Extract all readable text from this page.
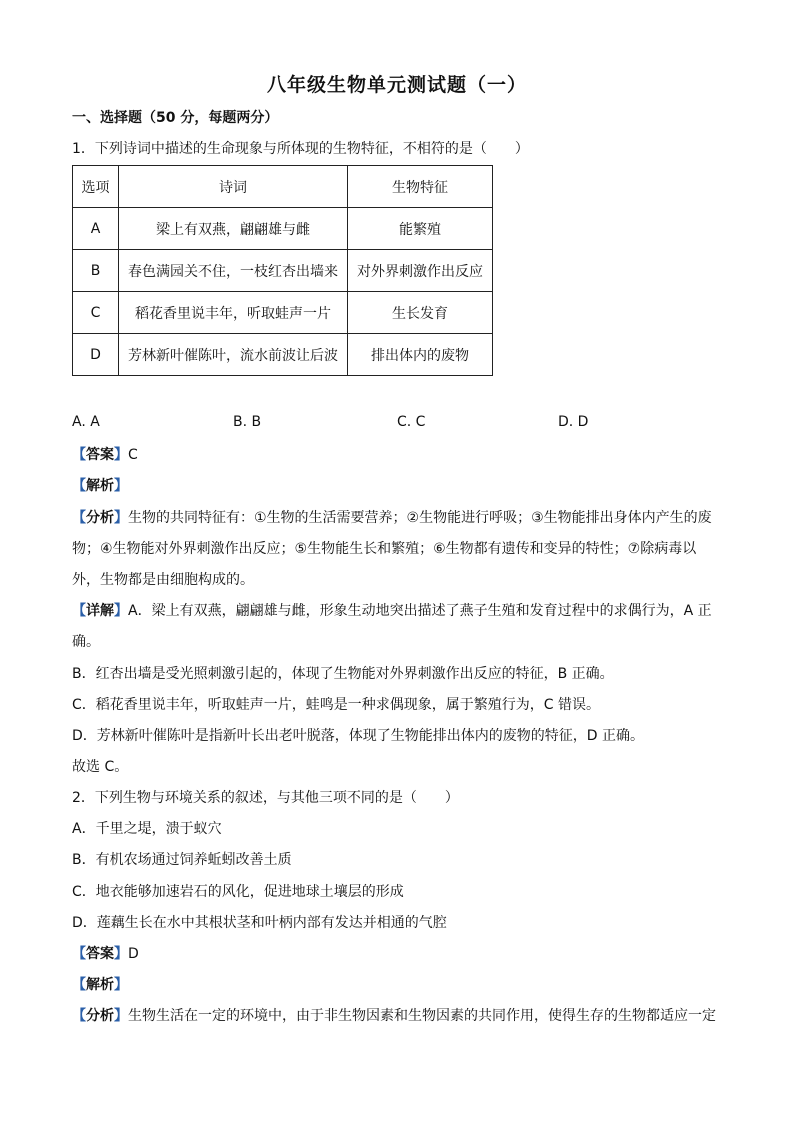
八年级生物单元测试题（一）
一、选择题（50 分，每题两分）
1．下列诗词中描述的生命现象与所体现的生物特征，不相符的是（　　）
选项	诗词	生物特征
A	梁上有双燕，翩翩雄与雌	能繁殖
B	春色满园关不住，一枝红杏出墙来	对外界刺激作出反应
C	稻花香里说丰年，听取蛙声一片	生长发育
D	芳林新叶催陈叶，流水前波让后波	排出体内的废物
A. A	B. B	C. C	D. D
【答案】C
【解析】
【分析】生物的共同特征有：①生物的生活需要营养；②生物能进行呼吸；③生物能排出身体内产生的废
物；④生物能对外界刺激作出反应；⑤生物能生长和繁殖；⑥生物都有遗传和变异的特性；⑦除病毒以
外，生物都是由细胞构成的。
【详解】A．梁上有双燕，翩翩雄与雌，形象生动地突出描述了燕子生殖和发育过程中的求偶行为，A 正
确。
B．红杏出墙是受光照刺激引起的，体现了生物能对外界刺激作出反应的特征，B 正确。
C．稻花香里说丰年，听取蛙声一片，蛙鸣是一种求偶现象，属于繁殖行为，C 错误。
D．芳林新叶催陈叶是指新叶长出老叶脱落，体现了生物能排出体内的废物的特征，D 正确。
故选 C。
2．下列生物与环境关系的叙述，与其他三项不同的是（　　）
A．千里之堤，溃于蚁穴
B．有机农场通过饲养蚯蚓改善土质
C．地衣能够加速岩石的风化，促进地球土壤层的形成
D．莲藕生长在水中其根状茎和叶柄内部有发达并相通的气腔
【答案】D
【解析】
【分析】生物生活在一定的环境中，由于非生物因素和生物因素的共同作用，使得生存的生物都适应一定
